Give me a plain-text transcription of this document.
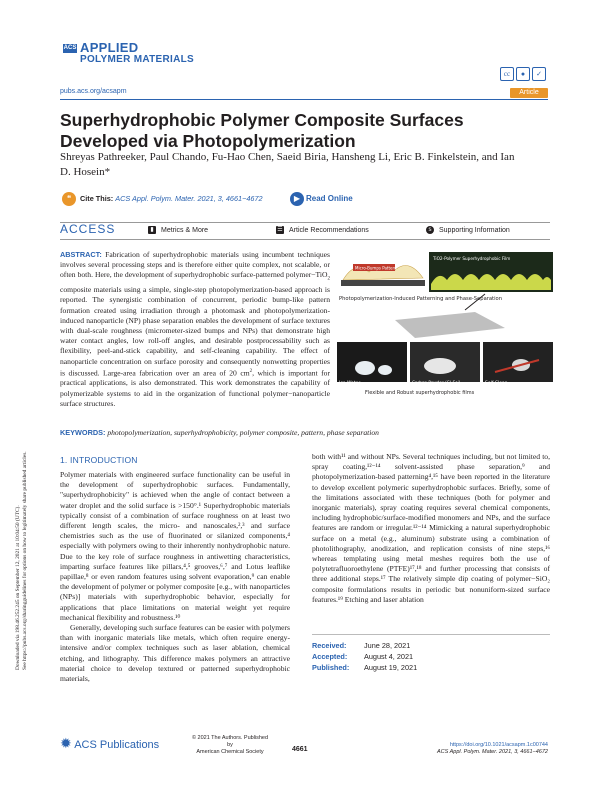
ACS APPLIED
POLYMER MATERIALS
cc	●	✓
pubs.acs.org/acsapm	Article
Superhydrophobic Polymer Composite Surfaces Developed via Photopolymerization
Shreyas Pathreeker, Paul Chando, Fu-Hao Chen, Saeid Biria, Hansheng Li, Eric B. Finkelstein, and Ian D. Hosein*
❝	Cite This: ACS Appl. Polym. Mater. 2021, 3, 4661−4672	▶ Read Online
ACCESS	▮	Metrics & More	☰ Article Recommendations	s	Supporting Information
ABSTRACT: Fabrication of superhydrophobic materials using incumbent techniques involves several processing steps and is therefore either quite complex, not scalable, or often both. Here, the development of superhydrophobic surface-patterned polymer−TiO$_2$ composite materials using a simple, single-step photopolymerization-based approach is reported. The synergistic combination of concurrent, periodic bump-like pattern formation created using irradiation through a photomask and photopolymerization-induced nanoparticle (NP) phase separation enables the development of surface textures with dual-scale roughness (micrometer-sized bumps and NPs) that demonstrate high water contact angles, low roll-off angles, and desirable postprocessability such as flexibility, peel-and-stick capability, and self-cleaning capability. The effect of nanoparticle concentration on surface porosity and consequently nonwetting properties is discussed. Large-area fabrication over an area of 20 $cm^2$, which is important for practical applications, is also demonstrated. This work demonstrates the capability of polymerizable systems to aid in the organization of functional polymer−nanoparticle surface structures.
Micro-Bumps Pattern
TiO2-Polymer Superhydrophobic Film
Photopolymerization-Induced Patterning and Phase-Separation
Ice Water	Carbon Powder (C) Soil	Self-Clean
Flexible and Robust superhydrophobic films
KEYWORDS: photopolymerization, superhydrophobicity, polymer composite, pattern, phase separation
1. INTRODUCTION
Polymer materials with engineered surface functionality can be useful in the development of superhydrophobic surfaces. Fundamentally, "superhydrophobicity" is achieved when the angle of contact between a water droplet and the solid surface is >150°.¹ Superhydrophobic materials typically consist of a combination of surface roughness on at least two different length scales, the micro- and nanoscales,²,³ and surface chemistries such as the use of fluorinated or silanized components,⁴ especially with polymers owing to their inherently nonhydrophobic nature. Due to the key role of surface roughness in antiwetting characteristics, imparting surface features like pillars,⁴,⁵ grooves,⁶,⁷ and Lotus leaflike papillae,⁸ or even random features using solvent evaporation,⁹ can enable the development of polymer or polymer composite [e.g., with nanoparticles (NPs)] materials with superhydrophobic behavior, especially for applications that place limitations on material weight yet require mechanical flexibility and robustness.¹⁰
Generally, developing such surface features can be easier with polymers than with inorganic materials like metals, which often require energy-intensive and/or complex techniques such as laser ablation, chemical etching, and lithography. This difference makes polymers an attractive material choice to develop textured or patterned superhydrophobic materials,
both with¹¹ and without NPs. Several techniques including, but not limited to, spray coating,¹²⁻¹⁴ solvent-assisted phase separation,⁹ and photopolymerization-based patterning⁴,¹⁵ have been reported in the literature to develop excellent polymeric superhydrophobic surfaces. Briefly, some of the limitations associated with these techniques (both for polymer and inorganic materials), spray coating requires several chemical components, including hydrophobic/surface-modified monomers and NPs, and the surface features are random or irregular.¹²⁻¹⁴ Mimicking a natural superhydrophobic surface on a metal (e.g., aluminum) substrate using a combination of photolithography, anodization, and replication consists of nine steps,¹⁶ whereas templating using metal meshes requires both the use of polytetrafluoroethylene (PTFE)¹⁷,¹⁸ and further processing that consists of three additional steps.¹⁷ The relatively simple dip coating of polymer−SiO₂ composite formulations results in periodic but nonuniform-sized surface features.¹⁹ Etching and laser ablation
Received: June 28, 2021
Accepted: August 4, 2021
Published: August 19, 2021
Downloaded via 198.46.252.245 on September 12, 2021 at 10:04:50 (UTC). See https://pubs.acs.org/sharingguidelines for options on how to legitimately share published articles.
✹ ACS Publications
© 2021 The Authors. Published by
American Chemical Society	4661
https://doi.org/10.1021/acsapm.1c00744
ACS Appl. Polym. Mater. 2021, 3, 4661−4672
